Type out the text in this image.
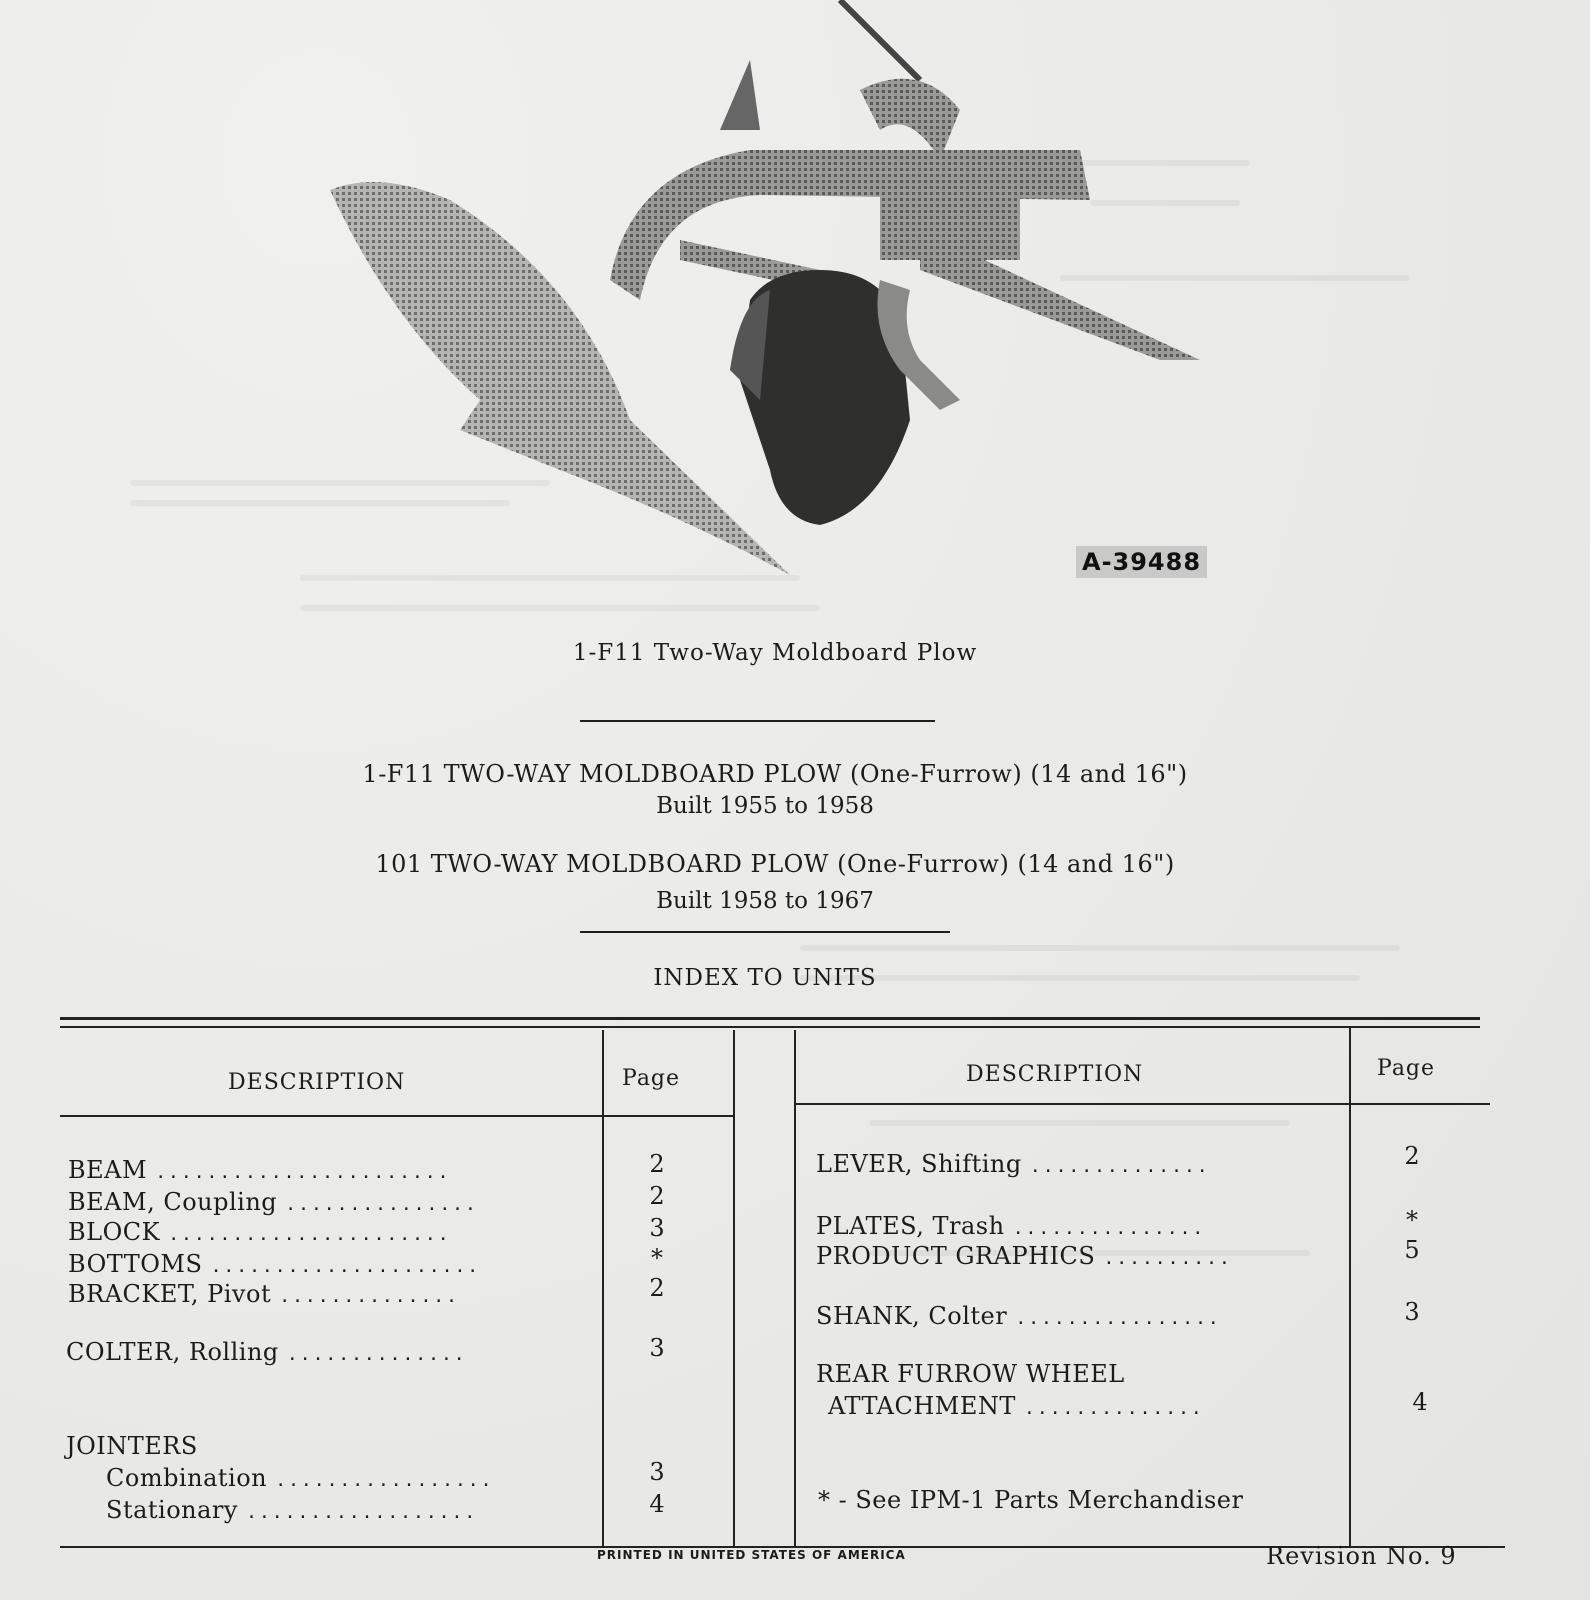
A-39488
1-F11 Two-Way Moldboard Plow
1-F11 TWO-WAY MOLDBOARD PLOW (One-Furrow) (14 and 16")
Built 1955 to 1958
101 TWO-WAY MOLDBOARD PLOW (One-Furrow) (14 and 16")
Built 1958 to 1967
INDEX TO UNITS
DESCRIPTION	Page	DESCRIPTION	Page
BEAM .......................	2
BEAM, Coupling ...............	2
BLOCK ......................	3
BOTTOMS .....................	*
BRACKET, Pivot ..............	2
COLTER, Rolling ..............	3
JOINTERS
Combination .................	3
Stationary ..................	4
LEVER, Shifting ..............	2
PLATES, Trash ...............	*
PRODUCT GRAPHICS ..........	5
SHANK, Colter ................	3
REAR FURROW WHEEL
ATTACHMENT ..............	4
* - See IPM-1 Parts Merchandiser
PRINTED IN UNITED STATES OF AMERICA	Revision No. 9
